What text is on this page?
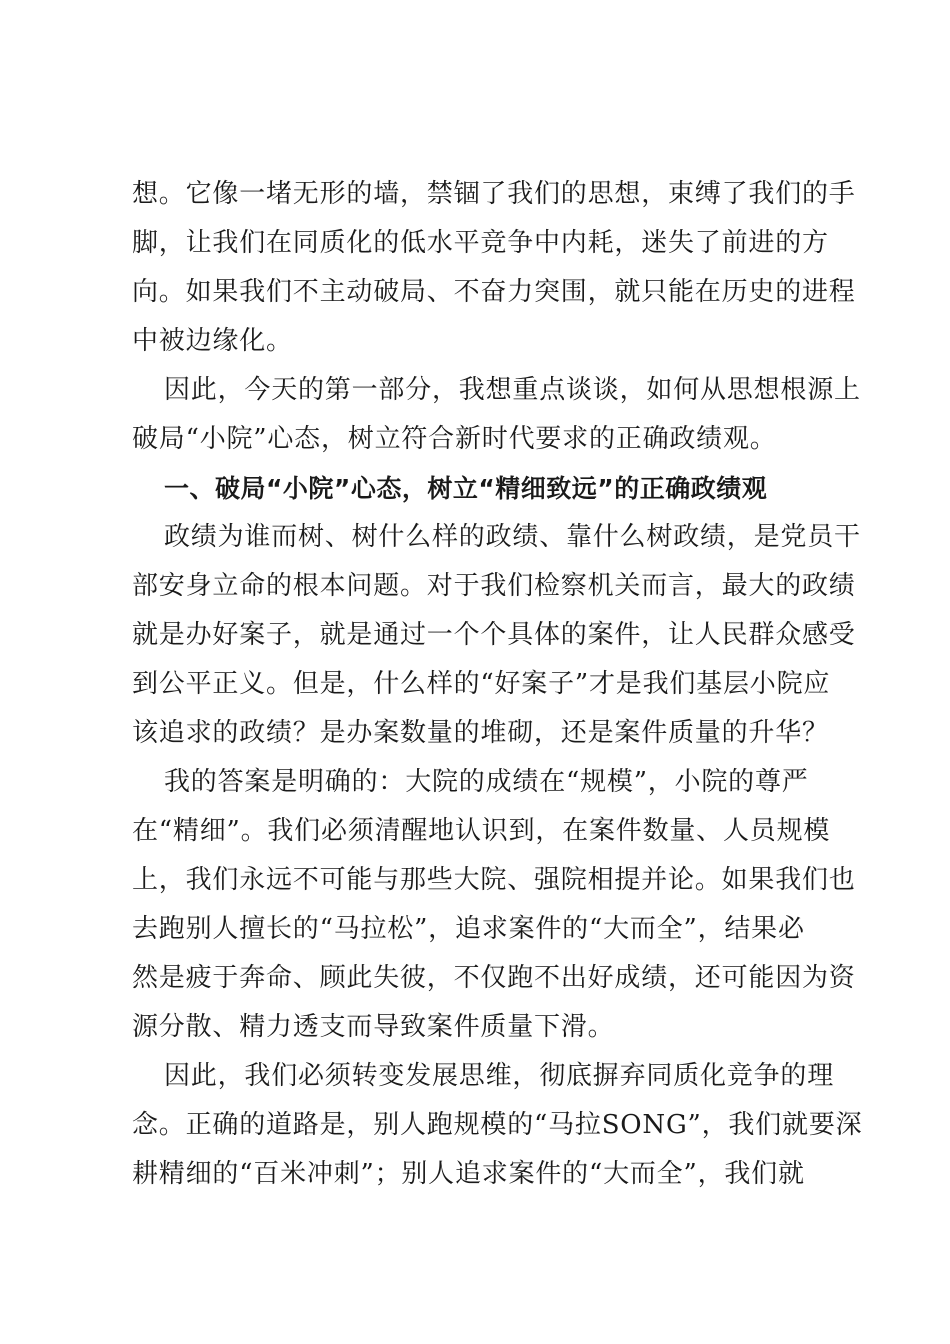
想。它像一堵无形的墙，禁锢了我们的思想，束缚了我们的手
脚，让我们在同质化的低水平竞争中内耗，迷失了前进的方
向。如果我们不主动破局、不奋力突围，就只能在历史的进程
中被边缘化。
因此，今天的第一部分，我想重点谈谈，如何从思想根源上
破局“小院”心态，树立符合新时代要求的正确政绩观。
一、破局“小院”心态，树立“精细致远”的正确政绩观
政绩为谁而树、树什么样的政绩、靠什么树政绩，是党员干
部安身立命的根本问题。对于我们检察机关而言，最大的政绩
就是办好案子，就是通过一个个具体的案件，让人民群众感受
到公平正义。但是，什么样的“好案子”才是我们基层小院应
该追求的政绩？是办案数量的堆砌，还是案件质量的升华？
我的答案是明确的：大院的成绩在“规模”，小院的尊严
在“精细”。我们必须清醒地认识到，在案件数量、人员规模
上，我们永远不可能与那些大院、强院相提并论。如果我们也
去跑别人擅长的“马拉松”，追求案件的“大而全”，结果必
然是疲于奔命、顾此失彼，不仅跑不出好成绩，还可能因为资
源分散、精力透支而导致案件质量下滑。
因此，我们必须转变发展思维，彻底摒弃同质化竞争的理
念。正确的道路是，别人跑规模的“马拉SONG”，我们就要深
耕精细的“百米冲刺”；别人追求案件的“大而全”，我们就
